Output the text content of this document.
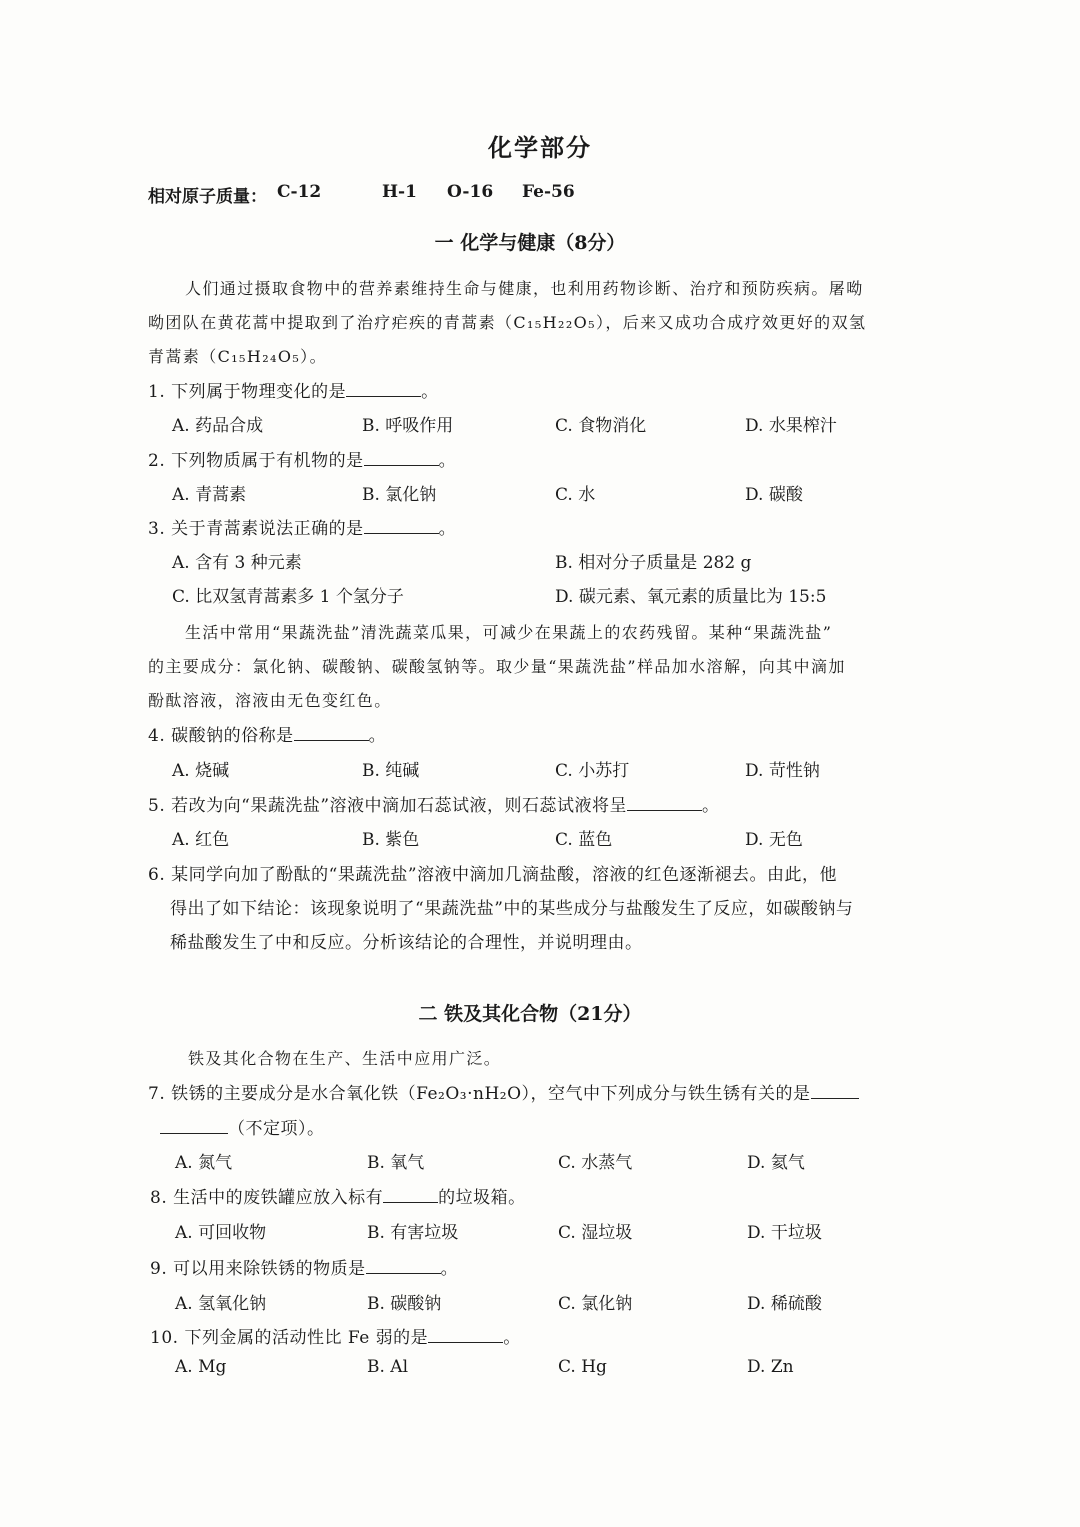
化学部分
相对原子质量： C-12	H-1	O-16	Fe-56
一 化学与健康（8分）
人们通过摄取食物中的营养素维持生命与健康，也利用药物诊断、治疗和预防疾病。屠呦
呦团队在黄花蒿中提取到了治疗疟疾的青蒿素（C₁₅H₂₂O₅），后来又成功合成疗效更好的双氢
青蒿素（C₁₅H₂₄O₅）。
1. 下列属于物理变化的是	。
A. 药品合成	B. 呼吸作用	C. 食物消化	D. 水果榨汁
2. 下列物质属于有机物的是	。
A. 青蒿素	B. 氯化钠	C. 水	D. 碳酸
3. 关于青蒿素说法正确的是	。
A. 含有 3 种元素	B. 相对分子质量是 282 g
C. 比双氢青蒿素多 1 个氢分子	D. 碳元素、氧元素的质量比为 15:5
生活中常用“果蔬洗盐”清洗蔬菜瓜果，可减少在果蔬上的农药残留。某种“果蔬洗盐”
的主要成分：氯化钠、碳酸钠、碳酸氢钠等。取少量“果蔬洗盐”样品加水溶解，向其中滴加
酚酞溶液，溶液由无色变红色。
4. 碳酸钠的俗称是	。
A. 烧碱	B. 纯碱	C. 小苏打	D. 苛性钠
5. 若改为向“果蔬洗盐”溶液中滴加石蕊试液，则石蕊试液将呈	。
A. 红色	B. 紫色	C. 蓝色	D. 无色
6. 某同学向加了酚酞的“果蔬洗盐”溶液中滴加几滴盐酸，溶液的红色逐渐褪去。由此，他
得出了如下结论：该现象说明了“果蔬洗盐”中的某些成分与盐酸发生了反应，如碳酸钠与
稀盐酸发生了中和反应。分析该结论的合理性，并说明理由。
二 铁及其化合物（21分）
铁及其化合物在生产、生活中应用广泛。
7. 铁锈的主要成分是水合氧化铁（Fe₂O₃·nH₂O），空气中下列成分与铁生锈有关的是
（不定项）。
A. 氮气	B. 氧气	C. 水蒸气	D. 氦气
8. 生活中的废铁罐应放入标有	的垃圾箱。
A. 可回收物	B. 有害垃圾	C. 湿垃圾	D. 干垃圾
9. 可以用来除铁锈的物质是	。
A. 氢氧化钠	B. 碳酸钠	C. 氯化钠	D. 稀硫酸
10. 下列金属的活动性比 Fe 弱的是	。
A. Mg	B. Al	C. Hg	D. Zn
